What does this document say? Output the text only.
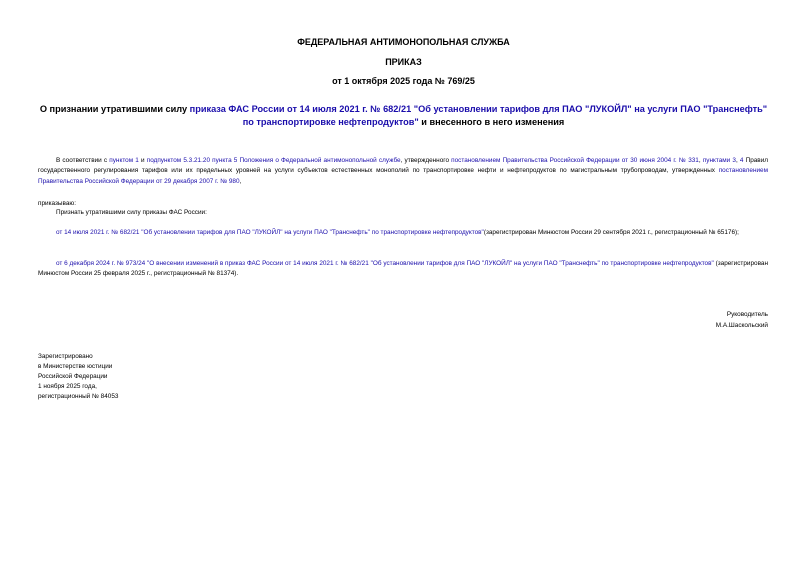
ФЕДЕРАЛЬНАЯ АНТИМОНОПОЛЬНАЯ СЛУЖБА
ПРИКАЗ
от 1 октября 2025 года № 769/25
О признании утратившими силу приказа ФАС России от 14 июля 2021 г. № 682/21 "Об установлении тарифов для ПАО "ЛУКОЙЛ" на услуги ПАО "Транснефть" по транспортировке нефтепродуктов" и внесенного в него изменения
В соответствии с пунктом 1 и подпунктом 5.3.21.20 пункта 5 Положения о Федеральной антимонопольной службе, утвержденного постановлением Правительства Российской Федерации от 30 июня 2004 г. № 331, пунктами 3, 4 Правил государственного регулирования тарифов или их предельных уровней на услуги субъектов естественных монополий по транспортировке нефти и нефтепродуктов по магистральным трубопроводам, утвержденных постановлением Правительства Российской Федерации от 29 декабря 2007 г. № 980,
приказываю:
Признать утратившими силу приказы ФАС России:
от 14 июля 2021 г. № 682/21 "Об установлении тарифов для ПАО "ЛУКОЙЛ" на услуги ПАО "Транснефть" по транспортировке нефтепродуктов"(зарегистрирован Минюстом России 29 сентября 2021 г., регистрационный № 65176);
от 6 декабря 2024 г. № 973/24 "О внесении изменений в приказ ФАС России от 14 июля 2021 г. № 682/21 "Об установлении тарифов для ПАО "ЛУКОЙЛ" на услуги ПАО "Транснефть" по транспортировке нефтепродуктов" (зарегистрирован Минюстом России 25 февраля 2025 г., регистрационный № 81374).
Руководитель
М.А.Шаскольский
Зарегистрировано
в Министерстве юстиции
Российской Федерации
1 ноября 2025 года,
регистрационный № 84053
